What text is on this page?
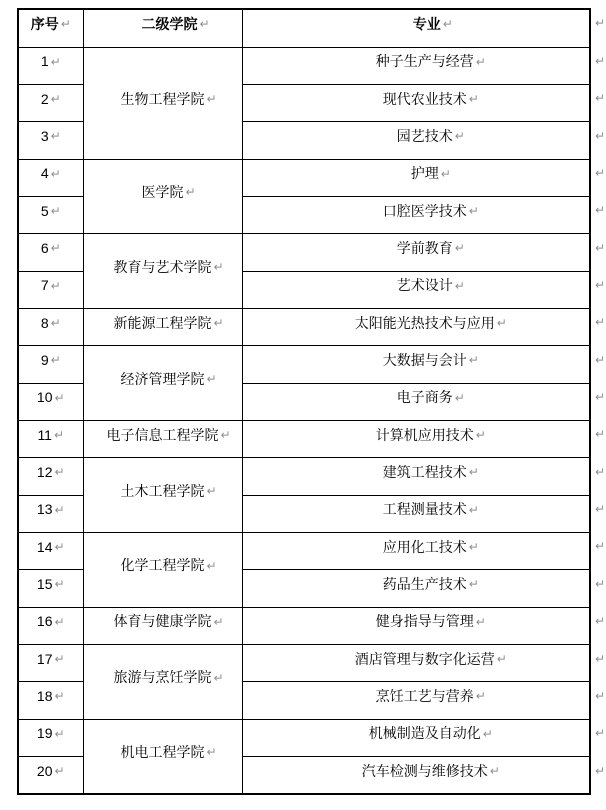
序号 ↵	二级学院 ↵	专业 ↵
1 ↵	生物工程学院 ↵	种子生产与经营 ↵
2 ↵		现代农业技术 ↵
3 ↵		园艺技术 ↵
4 ↵	医学院 ↵	护理 ↵
5 ↵		口腔医学技术 ↵
6 ↵	教育与艺术学院 ↵	学前教育 ↵
7 ↵		艺术设计 ↵
8 ↵	新能源工程学院 ↵	太阳能光热技术与应用 ↵
9 ↵	经济管理学院 ↵	大数据与会计 ↵
10 ↵		电子商务 ↵
11 ↵	电子信息工程学院 ↵	计算机应用技术 ↵
12 ↵	土木工程学院 ↵	建筑工程技术 ↵
13 ↵		工程测量技术 ↵
14 ↵	化学工程学院 ↵	应用化工技术 ↵
15 ↵		药品生产技术 ↵
16 ↵	体育与健康学院 ↵	健身指导与管理 ↵
17 ↵	旅游与烹饪学院 ↵	酒店管理与数字化运营 ↵
18 ↵		烹饪工艺与营养 ↵
19 ↵	机电工程学院 ↵	机械制造及自动化 ↵
20 ↵		汽车检测与维修技术 ↵
↵
↵
↵
↵
↵
↵
↵
↵
↵
↵
↵
↵
↵
↵
↵
↵
↵
↵
↵
↵
↵
